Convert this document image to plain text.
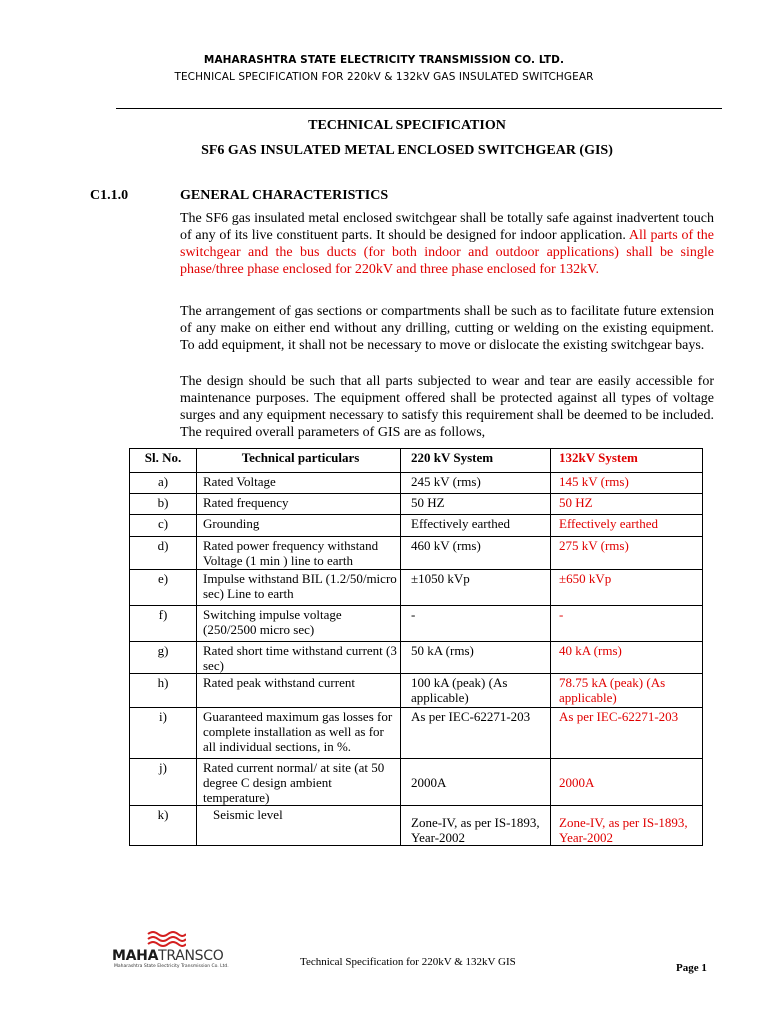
MAHARASHTRA STATE ELECTRICITY TRANSMISSION CO. LTD.
TECHNICAL SPECIFICATION FOR 220kV & 132kV GAS INSULATED SWITCHGEAR
TECHNICAL SPECIFICATION
SF6 GAS INSULATED METAL ENCLOSED SWITCHGEAR (GIS)
C1.1.0	GENERAL CHARACTERISTICS
The SF6 gas insulated metal enclosed switchgear shall be totally safe against inadvertent touch of any of its live constituent parts. It should be designed for indoor application. All parts of the switchgear and the bus ducts (for both indoor and outdoor applications) shall be single phase/three phase enclosed for 220kV and three phase enclosed for 132kV.
The arrangement of gas sections or compartments shall be such as to facilitate future extension of any make on either end without any drilling, cutting or welding on the existing equipment. To add equipment, it shall not be necessary to move or dislocate the existing switchgear bays.
The design should be such that all parts subjected to wear and tear are easily accessible for maintenance purposes. The equipment offered shall be protected against all types of voltage surges and any equipment necessary to satisfy this requirement shall be deemed to be included. The required overall parameters of GIS are as follows,
Sl. No.	Technical particulars	220 kV System	132kV System
a)	Rated Voltage	245 kV (rms)	145 kV (rms)
b)	Rated frequency	50 HZ	50 HZ
c)	Grounding	Effectively earthed	Effectively earthed
d)	Rated power frequency withstand Voltage (1 min ) line to earth	460 kV (rms)	275 kV (rms)
e)	Impulse withstand BIL (1.2/50/micro sec) Line to earth	±1050 kVp	±650 kVp
f)	Switching impulse voltage (250/2500 micro sec)	-	-
g)	Rated short time withstand current (3 sec)	50 kA (rms)	40 kA (rms)
h)	Rated peak withstand current	100 kA (peak) (As applicable)	78.75 kA (peak) (As applicable)
i)	Guaranteed maximum gas losses for complete installation as well as for all individual sections, in %.	As per IEC-62271-203	As per IEC-62271-203
j)	Rated current normal/ at site (at 50 degree C design ambient temperature)	2000A	2000A
k)	Seismic level	Zone-IV, as per IS-1893, Year-2002	Zone-IV, as per IS-1893, Year-2002
MAHATRANSCO
Maharashtra State Electricity Transmission Co. Ltd.	Technical Specification for 220kV & 132kV GIS	Page 1
